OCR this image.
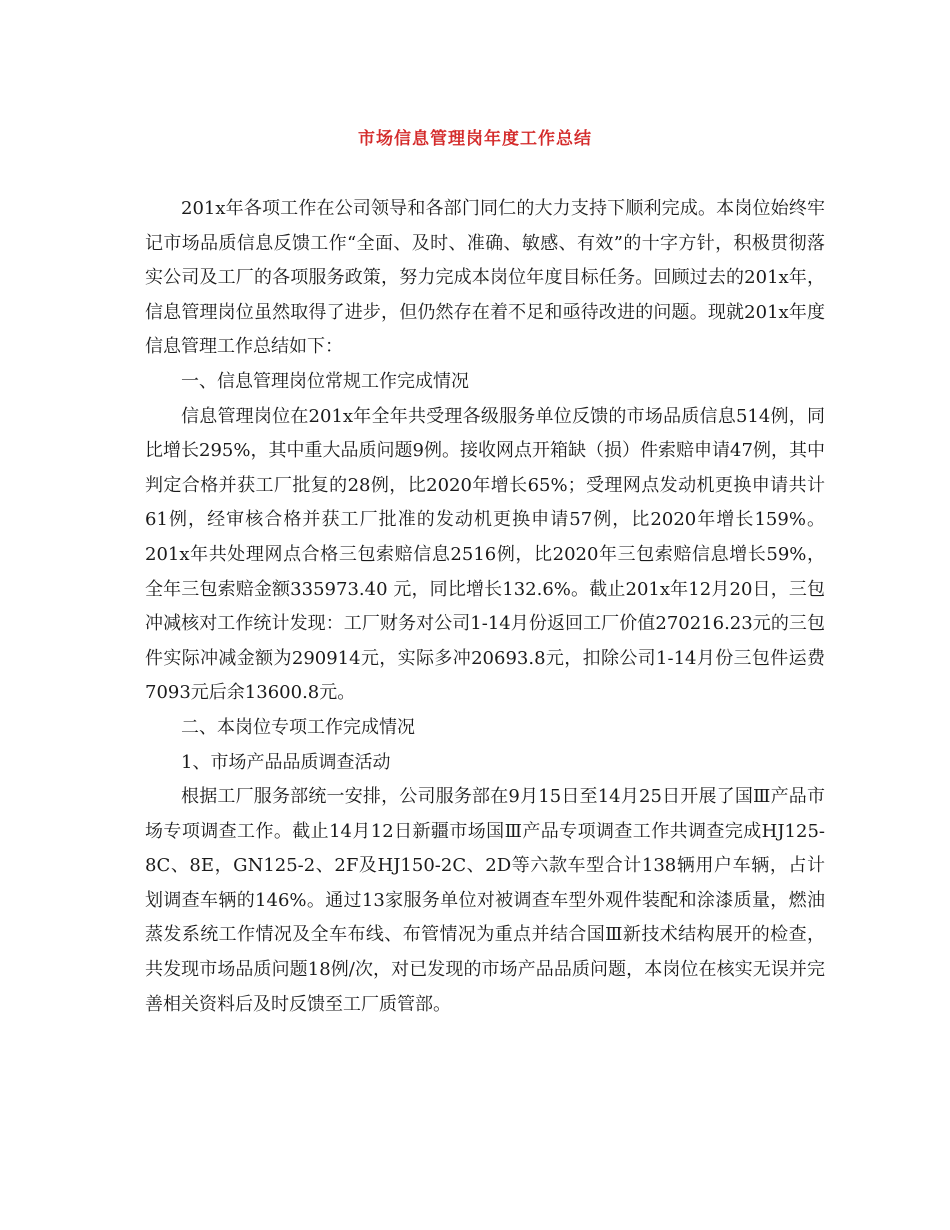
市场信息管理岗年度工作总结

201x年各项工作在公司领导和各部门同仁的大力支持下顺利完成。本岗位始终牢记市场品质信息反馈工作“全面、及时、准确、敏感、有效”的十字方针，积极贯彻落实公司及工厂的各项服务政策，努力完成本岗位年度目标任务。回顾过去的201x年，信息管理岗位虽然取得了进步，但仍然存在着不足和亟待改进的问题。现就201x年度信息管理工作总结如下：

一、信息管理岗位常规工作完成情况

信息管理岗位在201x年全年共受理各级服务单位反馈的市场品质信息514例，同比增长295%，其中重大品质问题9例。接收网点开箱缺（损）件索赔申请47例，其中判定合格并获工厂批复的28例，比2020年增长65%；受理网点发动机更换申请共计61例，经审核合格并获工厂批准的发动机更换申请57例，比2020年增长159%。 201x年共处理网点合格三包索赔信息2516例，比2020年三包索赔信息增长59%，全年三包索赔金额335973.40 元，同比增长132.6%。截止201x年12月20日，三包冲减核对工作统计发现：工厂财务对公司1-14月份返回工厂价值270216.23元的三包件实际冲减金额为290914元，实际多冲20693.8元，扣除公司1-14月份三包件运费7093元后余13600.8元。

二、本岗位专项工作完成情况

1、市场产品品质调查活动

根据工厂服务部统一安排，公司服务部在9月15日至14月25日开展了国Ⅲ产品市场专项调查工作。截止14月12日新疆市场国Ⅲ产品专项调查工作共调查完成HJ125-8C、8E，GN125-2、2F及HJ150-2C、2D等六款车型合计138辆用户车辆，占计划调查车辆的146%。通过13家服务单位对被调查车型外观件装配和涂漆质量，燃油蒸发系统工作情况及全车布线、布管情况为重点并结合国Ⅲ新技术结构展开的检查，共发现市场品质问题18例/次，对已发现的市场产品品质问题，本岗位在核实无误并完善相关资料后及时反馈至工厂质管部。
